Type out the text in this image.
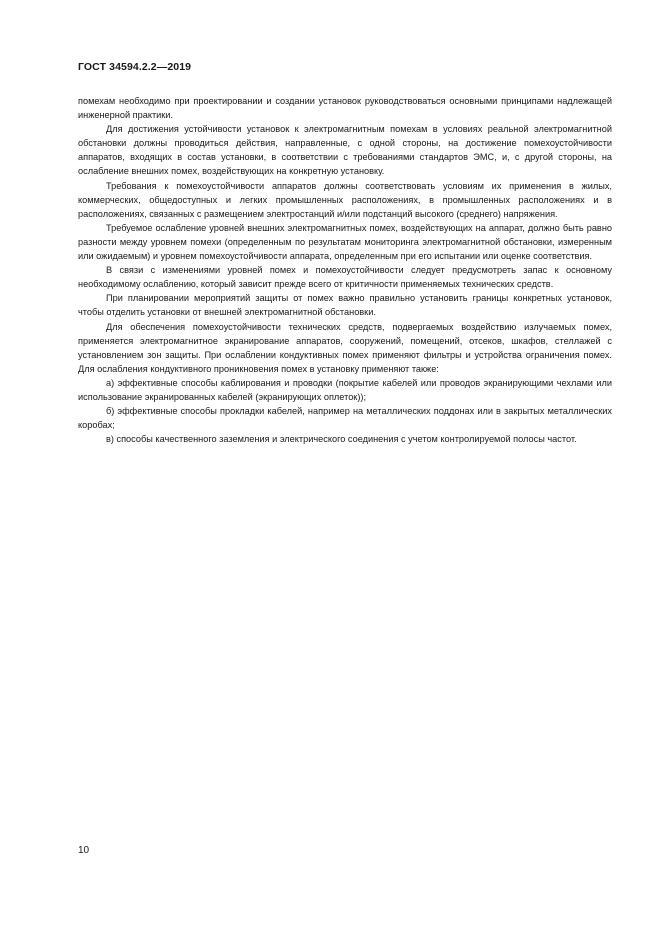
ГОСТ 34594.2.2—2019

помехам необходимо при проектировании и создании установок руководствоваться основными принципами надлежащей инженерной практики.

Для достижения устойчивости установок к электромагнитным помехам в условиях реальной электромагнитной обстановки должны проводиться действия, направленные, с одной стороны, на достижение помехоустойчивости аппаратов, входящих в состав установки, в соответствии с требованиями стандартов ЭМС, и, с другой стороны, на ослабление внешних помех, воздействующих на конкретную установку.

Требования к помехоустойчивости аппаратов должны соответствовать условиям их применения в жилых, коммерческих, общедоступных и легких промышленных расположениях, в промышленных расположениях и в расположениях, связанных с размещением электростанций и/или подстанций высокого (среднего) напряжения.

Требуемое ослабление уровней внешних электромагнитных помех, воздействующих на аппарат, должно быть равно разности между уровнем помехи (определенным по результатам мониторинга электромагнитной обстановки, измеренным или ожидаемым) и уровнем помехоустойчивости аппарата, определенным при его испытании или оценке соответствия.

В связи с изменениями уровней помех и помехоустойчивости следует предусмотреть запас к основному необходимому ослаблению, который зависит прежде всего от критичности применяемых технических средств.

При планировании мероприятий защиты от помех важно правильно установить границы конкретных установок, чтобы отделить установки от внешней электромагнитной обстановки.

Для обеспечения помехоустойчивости технических средств, подвергаемых воздействию излучаемых помех, применяется электромагнитное экранирование аппаратов, сооружений, помещений, отсеков, шкафов, стеллажей с установлением зон защиты. При ослаблении кондуктивных помех применяют фильтры и устройства ограничения помех. Для ослабления кондуктивного проникновения помех в установку применяют также:

а) эффективные способы каблирования и проводки (покрытие кабелей или проводов экранирующими чехлами или использование экранированных кабелей (экранирующих оплеток));

б) эффективные способы прокладки кабелей, например на металлических поддонах или в закрытых металлических коробах;

в) способы качественного заземления и электрического соединения с учетом контролируемой полосы частот.

10
